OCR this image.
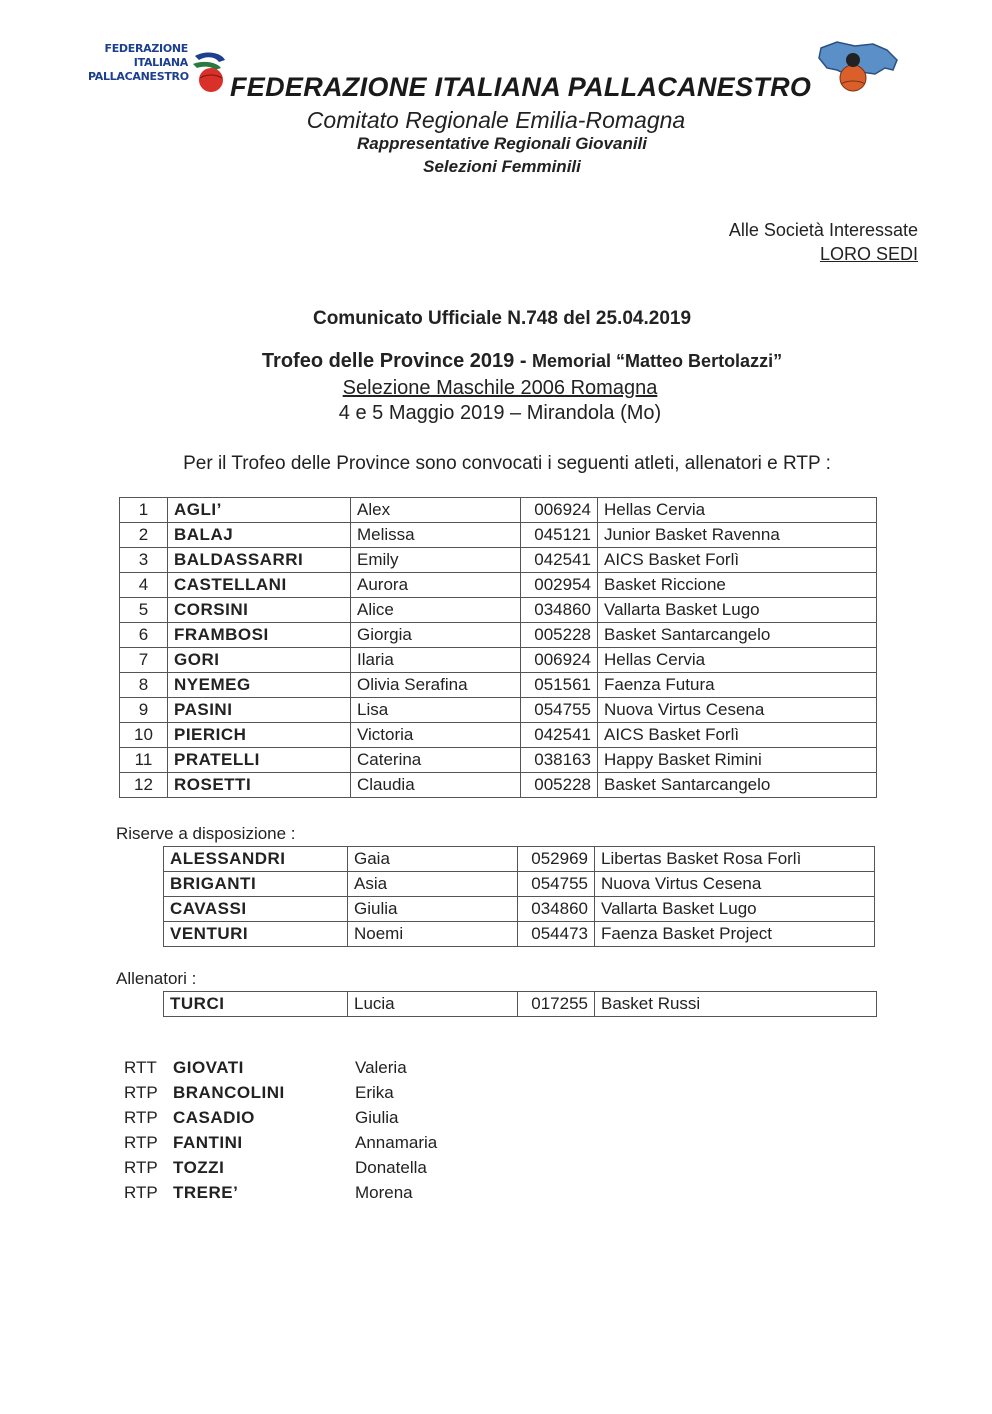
FEDERAZIONE
ITALIANA
PALLACANESTRO FEDERAZIONE ITALIANA PALLACANESTRO
Comitato Regionale Emilia-Romagna
Rappresentative Regionali Giovanili
Selezioni Femminili
Alle Società Interessate
LORO SEDI
Comunicato Ufficiale N.748 del 25.04.2019
Trofeo delle Province 2019 - Memorial “Matteo Bertolazzi”
Selezione Maschile 2006 Romagna
4 e 5 Maggio 2019 – Mirandola (Mo)
Per il Trofeo delle Province sono convocati i seguenti atleti, allenatori e RTP :
1	AGLI’	Alex	006924	Hellas Cervia
2	BALAJ	Melissa	045121	Junior Basket Ravenna
3	BALDASSARRI	Emily	042541	AICS Basket Forlì
4	CASTELLANI	Aurora	002954	Basket Riccione
5	CORSINI	Alice	034860	Vallarta Basket Lugo
6	FRAMBOSI	Giorgia	005228	Basket Santarcangelo
7	GORI	Ilaria	006924	Hellas Cervia
8	NYEMEG	Olivia Serafina	051561	Faenza Futura
9	PASINI	Lisa	054755	Nuova Virtus Cesena
10	PIERICH	Victoria	042541	AICS Basket Forlì
11	PRATELLI	Caterina	038163	Happy Basket Rimini
12	ROSETTI	Claudia	005228	Basket Santarcangelo
Riserve a disposizione :
ALESSANDRI	Gaia	052969	Libertas Basket Rosa Forlì
BRIGANTI	Asia	054755	Nuova Virtus Cesena
CAVASSI	Giulia	034860	Vallarta Basket Lugo
VENTURI	Noemi	054473	Faenza Basket Project
Allenatori :
TURCI	Lucia	017255	Basket Russi
RTT GIOVATI	Valeria
RTP BRANCOLINI	Erika
RTP CASADIO	Giulia
RTP FANTINI	Annamaria
RTP TOZZI	Donatella
RTP TRERE’	Morena
